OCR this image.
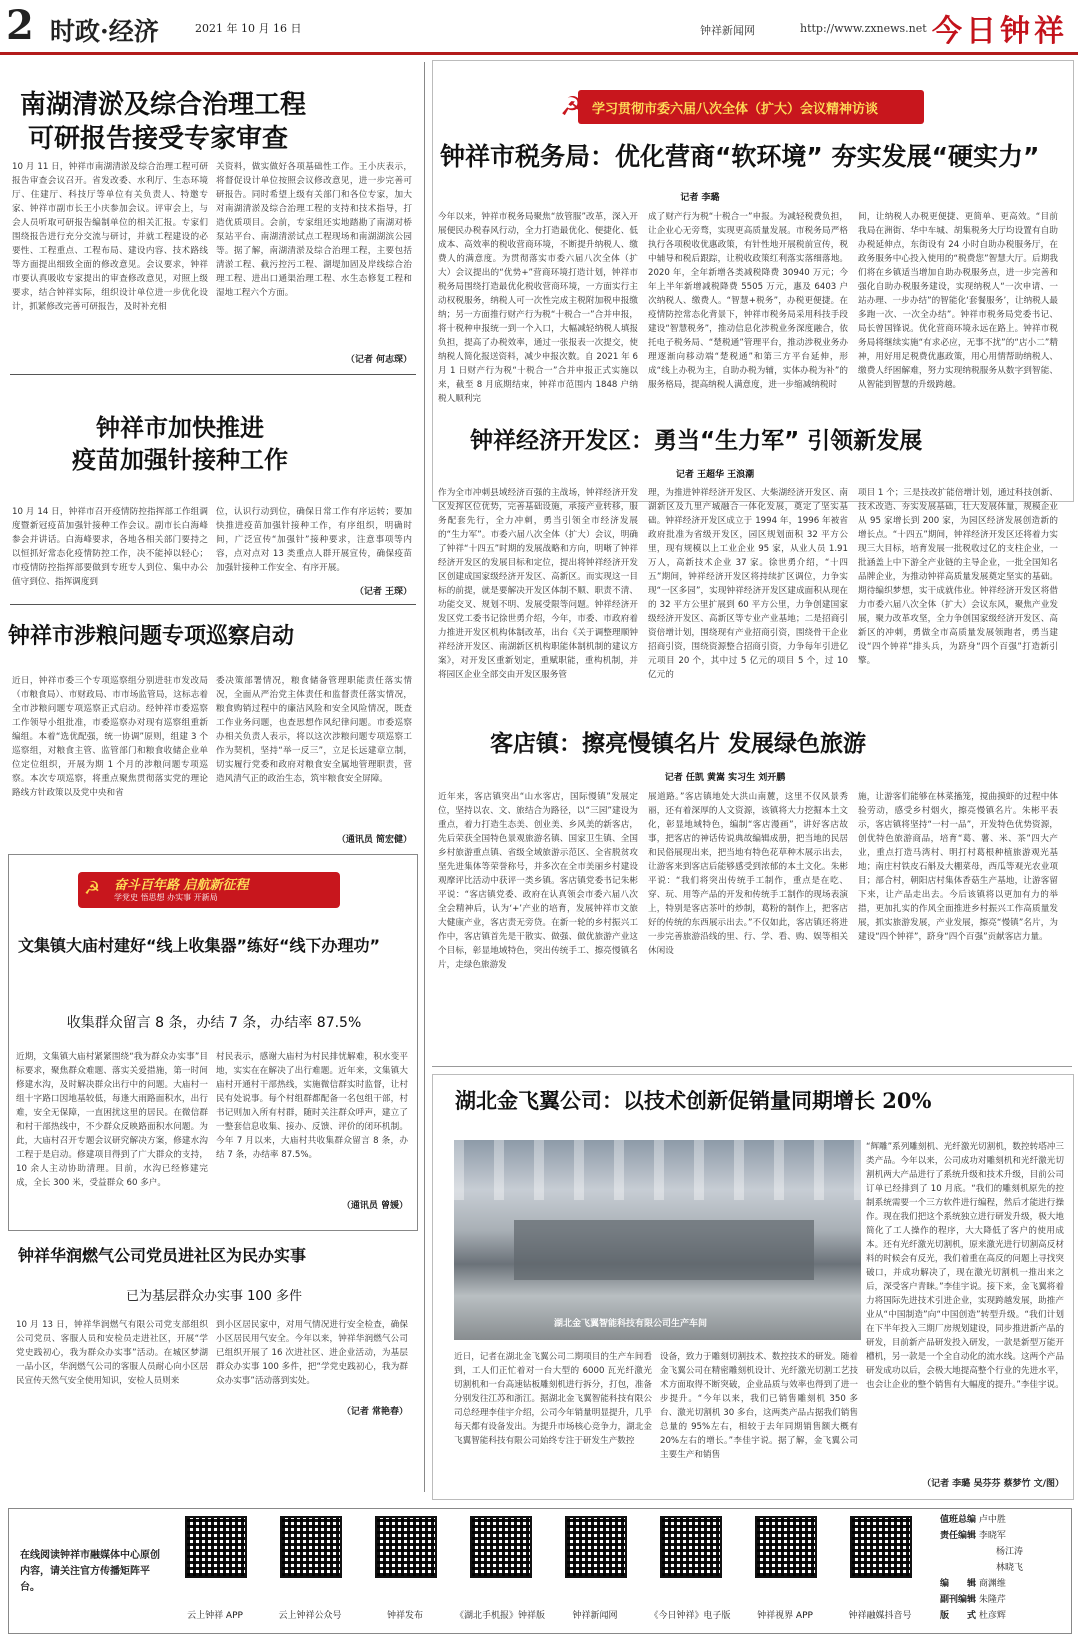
2 时政·经济	2021 年 10 月 16 日	钟祥新闻网	http://www.zxnews.net 今日钟祥
南湖清淤及综合治理工程
可研报告接受专家审查
10 月 11 日，钟祥市南湖清淤及综合治理工程可研报告审查会议召开。省发改委、水利厅、生态环境厅、住建厅、科技厅等单位有关负责人、特邀专家、钟祥市副市长王小庆参加会议。评审会上，与会人员听取可研报告编制单位的相关汇报。专家们围绕报告进行充分交流与研讨，并就工程建设的必要性、工程重点、工程布局、建设内容、技术路线等方面提出细致全面的修改意见。会议要求，钟祥市要认真吸收专家提出的审查修改意见，对照上级要求，结合钟祥实际，组织设计单位进一步优化设计，抓紧修改完善可研报告，及时补充相
关资料，做实做好各项基础性工作。王小庆表示，将督促设计单位按照会议修改意见，进一步完善可研报告。同时希望上级有关部门和各位专家，加大对南湖清淤及综合治理工程的支持和技术指导，打造优质项目。会前，专家组还实地踏勘了南湖对桥泵站平台、南湖清淤试点工程现场和南湖湖滨公园等。据了解，南湖清淤及综合治理工程，主要包括清淤工程、截污控污工程、湖堤加固及岸线综合治理工程、进出口通渠治理工程、水生态修复工程和湿地工程六个方面。
（记者 何志琛）
钟祥市加快推进
疫苗加强针接种工作
10 月 14 日，钟祥市召开疫情防控指挥部工作组调度暨新冠疫苗加强针接种工作会议。副市长白海峰参会并讲话。白海峰要求，各地各相关部门要持之以恒抓好常态化疫情防控工作，决不能掉以轻心；市疫情防控指挥部要做到专班专人到位、集中办公值守到位、指挥调度到
位，认识行动到位，确保日常工作有序运转；要加快推进疫苗加强针接种工作，有序组织，明确时间，广泛宣传“加强针”接种要求，注意事项等内容，点对点对 13 类重点人群开展宣传，确保疫苗加强针接种工作安全、有序开展。
（记者 王琛）
钟祥市涉粮问题专项巡察启动
近日，钟祥市委三个专项巡察组分别进驻市发改局（市粮食局）、市财政局、市市场监管局，这标志着全市涉粮问题专项巡察正式启动。经钟祥市委巡察工作领导小组批准，市委巡察办对现有巡察组重新编组。本着“选优配强，统一协调”原则，组建 3 个巡察组，对粮食主管、监管部门和粮食收储企业单位定位组织，开展为期 1 个月的涉粮问题专项巡察。本次专项巡察，将重点聚焦贯彻落实党的理论路线方针政策以及党中央和省
委决策部署情况，粮食储备管理职能责任落实情况，全面从严治党主体责任和监督责任落实情况，粮食购销过程中的廉洁风险和安全风险情况，既查工作业务问题，也查思想作风纪律问题。市委巡察办相关负责人表示，将以这次涉粮问题专项巡察工作为契机，坚持“举一反三”，立足长远建章立制，切实履行党委和政府对粮食安全属地管理职责，营造风清气正的政治生态，筑牢粮食安全屏障。
（通讯员 简宏健）
☭ 奋斗百年路 启航新征程
学党史 悟思想 办实事 开新局
文集镇大庙村建好“线上收集器”练好“线下办理功”
收集群众留言 8 条，办结 7 条，办结率 87.5%
近期，文集镇大庙村紧紧围绕“我为群众办实事”目标要求，聚焦群众难题、落实关爱措施，第一时间修建水沟，及时解决群众出行中的问题。大庙村一组十字路口因地基较低，每逢大雨路面积水，出行难，安全无保障，一直困扰这里的居民。在微信群和村干部热线中，不少群众反映路面积水问题。为此，大庙村召开专题会议研究解决方案，修建水沟工程于是启动。修建项目得到了广大群众的支持，10 余人主动协助清理。目前，水沟已经修建完成，全长 300 米，受益群众 60 多户。
村民表示，感谢大庙村为村民排忧解难，积水变平地，实实在在解决了出行难题。近年来，文集镇大庙村开通村干部热线，实施微信群实时监督，让村民有处说事。每个村组群都配备一名包组干部，村书记则加入所有村群，随时关注群众呼声，建立了一整套信息收集、接办、反馈、评价的闭环机制。今年 7 月以来，大庙村共收集群众留言 8 条，办结 7 条，办结率 87.5%。
（通讯员 曾媛）
钟祥华润燃气公司党员进社区为民办实事
已为基层群众办实事 100 多件
10 月 13 日，钟祥华润燃气有限公司党支部组织公司党员、客服人员和安检员走进社区，开展“学党史践初心，我为群众办实事”活动。在城区梦湖一品小区，华润燃气公司的客服人员耐心向小区居民宣传天然气安全使用知识，安检人员则来
到小区居民家中，对用气情况进行安全检查，确保小区居民用气安全。今年以来，钟祥华润燃气公司已组织开展了 16 次进社区、进企业活动，为基层群众办实事 100 多件，把“学党史践初心，我为群众办实事”活动落到实处。
（记者 常艳春）
☭ 学习贯彻市委六届八次全体（扩大）会议精神访谈
钟祥市税务局：优化营商“软环境” 夯实发展“硬实力”
记者 李璐
今年以来，钟祥市税务局聚焦“放管服”改革，深入开展便民办税春风行动，全力打造最优化、便捷化、低成本、高效率的税收营商环境，不断提升纳税人、缴费人的满意度。为贯彻落实市委六届八次全体（扩大）会议提出的“优势+”营商环境打造计划，钟祥市税务局围绕打造最优化税收营商环境，一方面实行主动权税服务，纳税人可一次性完成主税附加税申报缴纳；另一方面推行财产行为税“十税合一”合并申报，将十税种申报统一到一个入口，大幅减轻纳税人填报负担，提高了办税效率，通过一张报表一次提交，使纳税人简化报送资料，减少申报次数。自 2021 年 6 月 1 日财产行为税“十税合一”合并申报正式实施以来，截至 8 月底期结束，钟祥市范围内 1848 户纳税人顺利完
成了财产行为税“十税合一”申报。为减轻税费负担，让企业心无旁骛，实现更高质量发展。市税务局严格执行各项税收优惠政策，有针性地开展税前宣传，税中辅导和税后跟踪，让税收政策红利落实落细落地。2020 年，全年新增各类减税降费 30940 万元；今年上半年新增减税降费 5505 万元，惠及 6403 户次纳税人、缴费人。“智慧+税务”，办税更便捷。在疫情防控常态化背景下，钟祥市税务局采用科技手段建设“智慧税务”，推动信息化涉税业务深度融合，依托电子税务局、“楚税通”管理平台，推动涉税业务办理逐渐向移动端“楚税通”和第三方平台延伸，形成“线上办税为主，自助办税为辅，实体办税为补”的服务格局，提高纳税人满意度，进一步缩减纳税时
间，让纳税人办税更便捷、更简单、更高效。“目前我局在洲街、华中车城、胡集税务大厅均设置有自助办税延伸点，东街设有 24 小时自助办税服务厅，在政务服务中心投入使用的“税费您”智慧大厅。后期我们将在乡镇适当增加自助办税服务点，进一步完善和强化自助办税服务建设，实现纳税人“一次申请、一站办理、一步办结”的智能化‘套餐服务’，让纳税人最多跑一次、一次全办结”。钟祥市税务局党委书记、局长曾国锋说。优化营商环境永远在路上。钟祥市税务局将继续实施“有求必应，无事不扰”的“店小二”精神，用好用足税费优惠政策，用心用情帮助纳税人、缴费人纾困解难，努力实现纳税服务从数字到智能、从智能到智慧的升级跨越。
钟祥经济开发区：勇当“生力军” 引领新发展
记者 王超华 王浪潮
作为全市冲刺县域经济百强的主战场，钟祥经济开发区发挥区位优势，完善基础设施，承接产业转移，服务配套先行，全力冲刺，勇当引领全市经济发展的“生力军”。市委六届八次全体（扩大）会议，明确了钟祥“十四五”时期的发展战略和方向，明晰了钟祥经济开发区的发展目标和定位，提出将钟祥经济开发区创建成国家级经济开发区、高新区。而实现这一目标的前提，就是要解决开发区体制不顺、职责不清、功能交叉、规划不明、发展受限等问题。钟祥经济开发区党工委书记徐世勇介绍，今年，市委、市政府着力推进开发区机构体制改革，出台《关于调整理顺钟祥经济开发区、南湖新区机构职能体制机制的建议方案》，对开发区重新划定，重赋职能，重构机制，并将园区企业全部交由开发区服务管
理，为推进钟祥经济开发区、大柴湖经济开发区、南湖新区及九里产城融合一体化发展，奠定了坚实基础。钟祥经济开发区成立于 1994 年，1996 年被省政府批准为省级开发区，园区规划面积 32 平方公里，现有规模以上工业企业 95 家，从业人员 1.91 万人，高新技术企业 37 家。徐世勇介绍，“十四五”期间，钟祥经济开发区将持续扩区调位，力争实现“一区多园”，实现钟祥经济开发区建成面积从现在的 32 平方公里扩展到 60 平方公里，力争创建国家级经济开发区、高新区等专业产业基地；二是招商引资倍增计划，围绕现有产业招商引资，围绕骨干企业招商引资，围绕资源整合招商引资，力争每年引进亿元项目 20 个，其中过 5 亿元的项目 5 个，过 10 亿元的
项目 1 个；三是技改扩能倍增计划，通过科技创新、技术改造、夯实发展基础，壮大发展体量，规模企业从 95 家增长到 200 家，为园区经济发展创造新的增长点。“十四五”期间，钟祥经济开发区还将着力实现三大目标，培育发展一批税收过亿的支柱企业，一批涵盖上中下游全产业链的主导企业，一批全国知名品牌企业，为推动钟祥高质量发展奠定坚实的基础。期待编织梦想，实干成就伟业。钟祥经济开发区将借力市委六届八次全体（扩大）会议东风，聚焦产业发展，聚力改革攻坚，全力争创国家级经济开发区、高新区的冲刺，勇做全市高质量发展领跑者，勇当建设“四个钟祥”排头兵，为跻身“四个百强”打造新引擎。
客店镇：擦亮慢镇名片 发展绿色旅游
记者 任凯 黄嵩 实习生 刘开鹏
近年来，客店镇突出“山水客店，国际慢镇”发展定位，坚持以农、文、旅结合为路径，以“三园”建设为重点，着力打造生态美、创业美、乡风美的新客店，先后荣获全国特色景观旅游名镇、国家卫生镇、全国乡村旅游重点镇、省级全域旅游示范区、全省脱贫攻坚先进集体等荣誉称号，并多次在全市美丽乡村建设观摩评比活动中获评一类乡镇。客店镇党委书记朱彬平说：“客店镇党委、政府在认真领会市委六届八次全会精神后，认为‘+’产业的培育，发展钟祥市文旅大健康产业，客店责无旁贷。在新一轮的乡村振兴工作中，客店镇首先是干散实、做强、做优旅游产业这个目标，彰显地域特色，突出传统手工、擦亮慢镇名片，走绿色旅游发
展道路。”客店镇地处大洪山南麓，这里不仅风景秀丽，还有着深厚的人文资源，该镇将大力挖掘本土文化，彰显地域特色，编制“客店漫画”，讲好客店故事，把客店的神话传说典故编辑成册，把当地的民居和民俗展现出来，把当地有特色花草种木展示出去，让游客来到客店后能够感受到浓郁的本土文化。朱彬平说：“我们将突出传统手工制作，重点是在吃、穿、玩、用等产品的开发和传统手工制作的现场表演上，特别是客店茶叶的炒制，葛粉的制作上，把客店好的传统的东西展示出去。”不仅如此，客店镇还将进一步完善旅游沿线的里、行、学、看、购、娱等相关休闲设
施，让游客们能够在林菜搐笼，搅曲摸虾的过程中体验劳动，感受乡村烟火，擦亮慢镇名片。朱彬平表示，客店镇将坚持“一村一品”，开发特色优势资源，创优特色旅游商品，培育“葛、薯、米、茶”四大产业，重点打造马湾村、明打村葛根种植旅游观光基地；南庄村铁皮石斛及大棚菜母，西瓜等观光农业项目；部合村，朝阳店村集体香菇生产基地，让游客留下来，让产品走出去。今后该镇将以更加有力的举措，更加扎实的作风全面推进乡村振兴工作高质量发展，抓实旅游发展，产业发展，擦亮“慢镇”名片，为建设“四个钟祥”，跻身“四个百强”贡献客店力量。
湖北金飞翼公司：以技术创新促销量同期增长 20%
湖北金飞翼智能科技有限公司生产车间
近日，记者在湖北金飞翼公司二期项目的生产车间看到，工人们正忙着对一台大型的 6000 瓦光纤激光切割机和一台高速钻板雕刻机进行拆分，打包，准备分别发往江苏和浙江。据湖北金飞翼智能科技有限公司总经理李佳宇介绍，公司今年销量明显提升，几乎每天都有设备发出。为提升市场核心竞争力，湖北金飞翼智能科技有限公司始终专注于研发生产数控
设备，致力于雕刻切割技术、数控技术的研发。随着金飞翼公司在精密雕刻机设计、光纤激光切割工艺技术方面取得不断突破，企业品质与效率也得到了进一步提升。“今年以来，我们已销售雕刻机 350 多台、激光切割机 30 多台，这两类产品占据我们销售总量的 95%左右，相较于去年同期销售额大概有 20%左右的增长。”李佳宇说。据了解，金飞翼公司主要生产和销售
“辉雕”系列雕刻机、光纤激光切割机，数控转塔冲三类产品。今年以来，公司成功对雕刻机和光纤激光切割机两大产品进行了系统升级和技术升级，目前公司订单已经排到了 10 月底。“我们的雕刻机原先的控制系统需要一个三方软件进行编程，然后才能进行操作。现在我们把这个系统独立进行研发升级，极大地简化了工人操作的程序，大大降低了客户的使用成本。还有光纤激光切割机，原来激光进行切割高反材料的时候会有反光，我们着重在高反的问题上寻找突破口，并成功解决了，现在激光切割机一推出来之后，深受客户青睐。”李佳宇说。接下来，金飞翼将着力将国际先进技术引进企业，实现跨越发展，助推产业从“中国制造”向“中国创造”转型升级。“我们计划在下半年投入三期厂房规划建设，同步推进新产品的研发，目前新产品研发投入研发，一款是新型万能开槽机，另一款是一个全自动化的流水线。这两个产品研发成功以后，会极大地提高整个行业的先进水平，也会让企业的整个销售有大幅度的提升。”李佳宇说。
（记者 李璐 吴芬芬 蔡梦竹 文/图）
在线阅读钟祥市融媒体中心原创内容，请关注官方传播矩阵平台。
云上钟祥 APP	云上钟祥公众号	钟祥发布	《湖北手机报》钟祥版	钟祥新闻网	《今日钟祥》电子版	钟祥视界 APP	钟祥融媒抖音号
值班总编 卢中胜
责任编辑 李晓军
杨江涛
林晓飞
编　　辑 商渊维
副刊编辑 朱隆芹
版　　式 杜彦辉
